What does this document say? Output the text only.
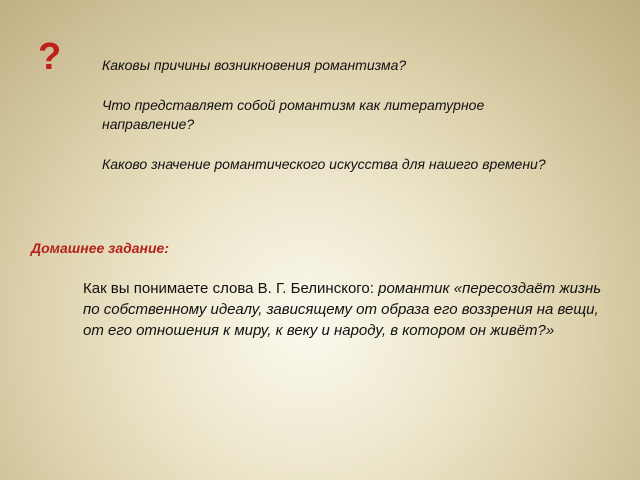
?	Каковы причины возникновения романтизма?

Что представляет собой романтизм как литературное направление?

Каково значение романтического искусства для нашего времени?

Домашнее задание:
Как вы понимаете слова В. Г. Белинского: романтик «пересоздаёт жизнь по собственному идеалу, зависящему от образа его воззрения на вещи, от его отношения к миру, к веку и народу, в котором он живёт?»
